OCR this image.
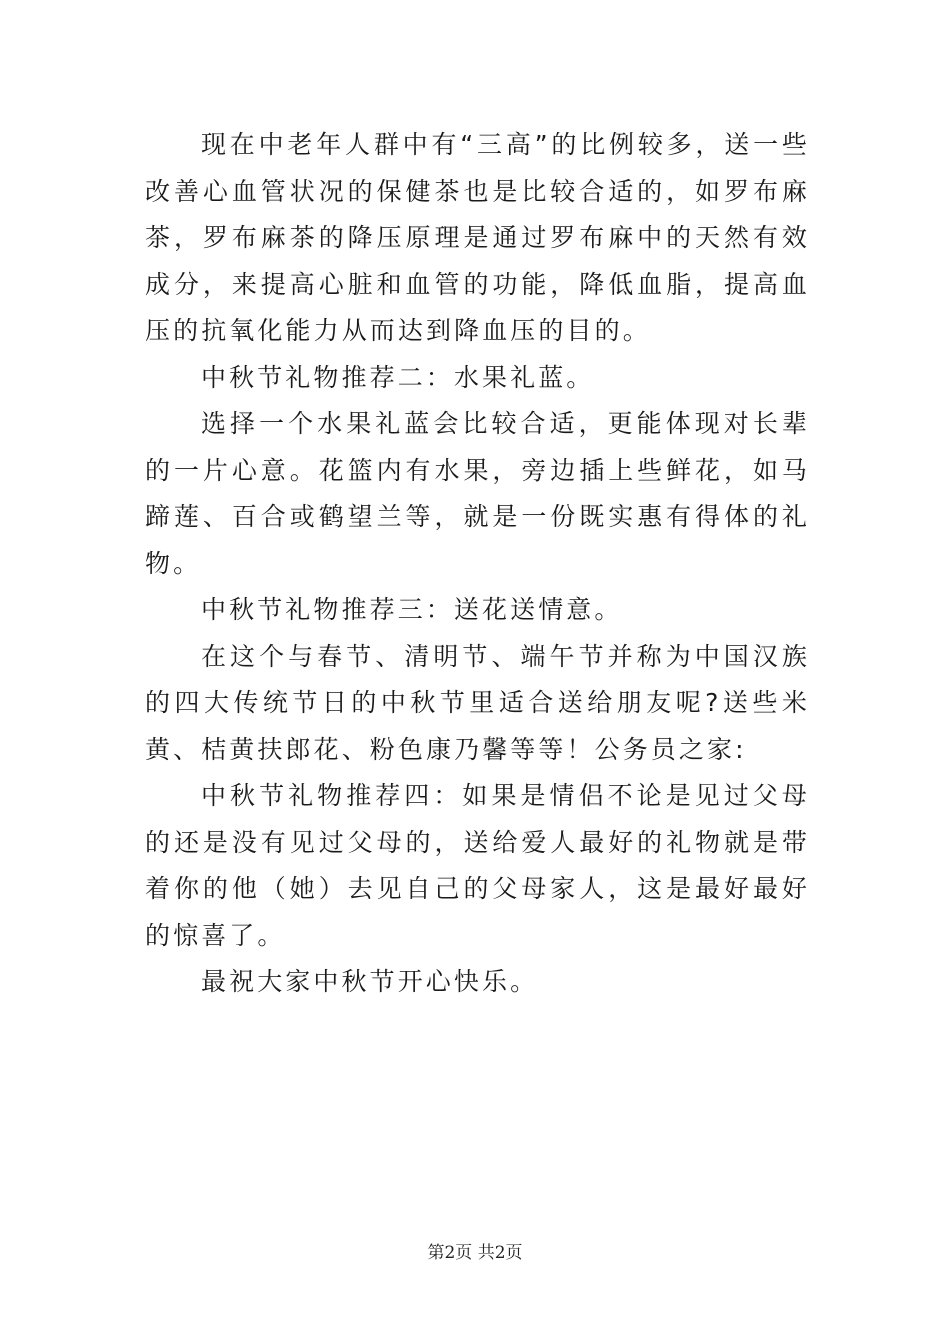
现在中老年人群中有“三高”的比例较多，送一些改善心血管状况的保健茶也是比较合适的，如罗布麻茶，罗布麻茶的降压原理是通过罗布麻中的天然有效成分，来提高心脏和血管的功能，降低血脂，提高血压的抗氧化能力从而达到降血压的目的。

中秋节礼物推荐二：水果礼蓝。

选择一个水果礼蓝会比较合适，更能体现对长辈的一片心意。花篮内有水果，旁边插上些鲜花，如马蹄莲、百合或鹤望兰等，就是一份既实惠有得体的礼物。

中秋节礼物推荐三：送花送情意。

在这个与春节、清明节、端午节并称为中国汉族的四大传统节日的中秋节里适合送给朋友呢?送些米黄、桔黄扶郎花、粉色康乃馨等等！公务员之家:

中秋节礼物推荐四：如果是情侣不论是见过父母的还是没有见过父母的，送给爱人最好的礼物就是带着你的他（她）去见自己的父母家人，这是最好最好的惊喜了。

最祝大家中秋节开心快乐。

第2页 共2页
